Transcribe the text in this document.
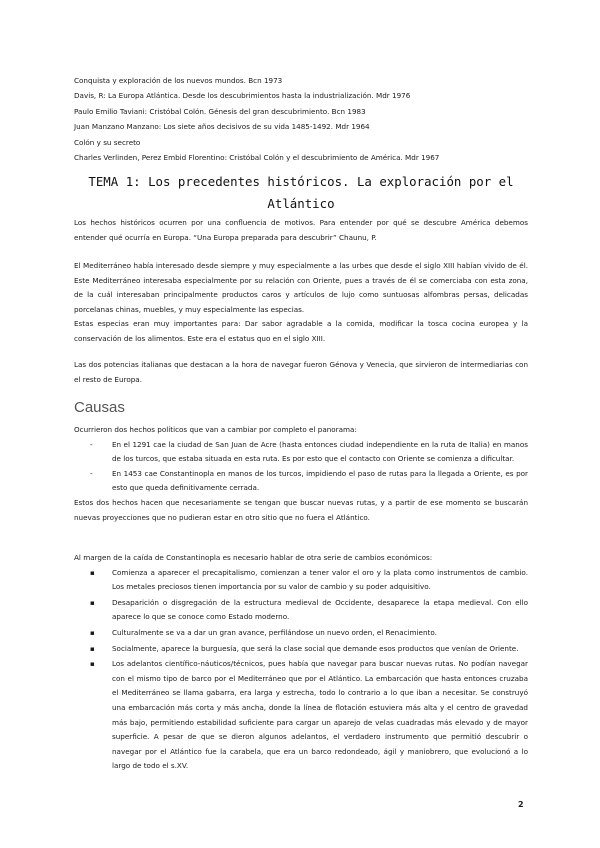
Conquista y exploración de los nuevos mundos. Bcn 1973
Davis, R: La Europa Atlántica. Desde los descubrimientos hasta la industrialización. Mdr 1976
Paulo Emilio Taviani: Cristóbal Colón. Génesis del gran descubrimiento. Bcn 1983
Juan Manzano Manzano: Los siete años decisivos de su vida 1485-1492. Mdr 1964
Colón y su secreto
Charles Verlinden, Perez Embid Florentino: Cristóbal Colón y el descubrimiento de América. Mdr 1967
TEMA 1: Los precedentes históricos. La exploración por el Atlántico

Los hechos históricos ocurren por una confluencia de motivos. Para entender por qué se descubre América debemos entender qué ocurría en Europa. “Una Europa preparada para descubrir” Chaunu, P.

El Mediterráneo había interesado desde siempre y muy especialmente a las urbes que desde el siglo XIII habían vivido de él. Este Mediterráneo interesaba especialmente por su relación con Oriente, pues a través de él se comerciaba con esta zona, de la cuál interesaban principalmente productos caros y artículos de lujo como suntuosas alfombras persas, delicadas porcelanas chinas, muebles, y muy especialmente las especias.

Estas especias eran muy importantes para: Dar sabor agradable a la comida, modificar la tosca cocina europea y la conservación de los alimentos. Este era el estatus quo en el siglo XIII.

Las dos potencias italianas que destacan a la hora de navegar fueron Génova y Venecia, que sirvieron de intermediarias con el resto de Europa.

Causas

Ocurrieron dos hechos políticos que van a cambiar por completo el panorama:

- En el 1291 cae la ciudad de San Juan de Acre (hasta entonces ciudad independiente en la ruta de Italia) en manos de los turcos, que estaba situada en esta ruta. Es por esto que el contacto con Oriente se comienza a dificultar.
- En 1453 cae Constantinopla en manos de los turcos, impidiendo el paso de rutas para la llegada a Oriente, es por esto que queda definitivamente cerrada.

Estos dos hechos hacen que necesariamente se tengan que buscar nuevas rutas, y a partir de ese momento se buscarán nuevas proyecciones que no pudieran estar en otro sitio que no fuera el Atlántico.

Al margen de la caída de Constantinopla es necesario hablar de otra serie de cambios económicos:

▪ Comienza a aparecer el precapitalismo, comienzan a tener valor el oro y la plata como instrumentos de cambio. Los metales preciosos tienen importancia por su valor de cambio y su poder adquisitivo.
▪ Desaparición o disgregación de la estructura medieval de Occidente, desaparece la etapa medieval. Con ello aparece lo que se conoce como Estado moderno.
▪ Culturalmente se va a dar un gran avance, perfilándose un nuevo orden, el Renacimiento.
▪ Socialmente, aparece la burguesía, que será la clase social que demande esos productos que venían de Oriente.
▪ Los adelantos científico-náuticos/técnicos, pues había que navegar para buscar nuevas rutas. No podían navegar con el mismo tipo de barco por el Mediterráneo que por el Atlántico. La embarcación que hasta entonces cruzaba el Mediterráneo se llama gabarra, era larga y estrecha, todo lo contrario a lo que iban a necesitar. Se construyó una embarcación más corta y más ancha, donde la línea de flotación estuviera más alta y el centro de gravedad más bajo, permitiendo estabilidad suficiente para cargar un aparejo de velas cuadradas más elevado y de mayor superficie. A pesar de que se dieron algunos adelantos, el verdadero instrumento que permitió descubrir o navegar por el Atlántico fue la carabela, que era un barco redondeado, ágil y maniobrero, que evolucionó a lo largo de todo el s.XV.
2
